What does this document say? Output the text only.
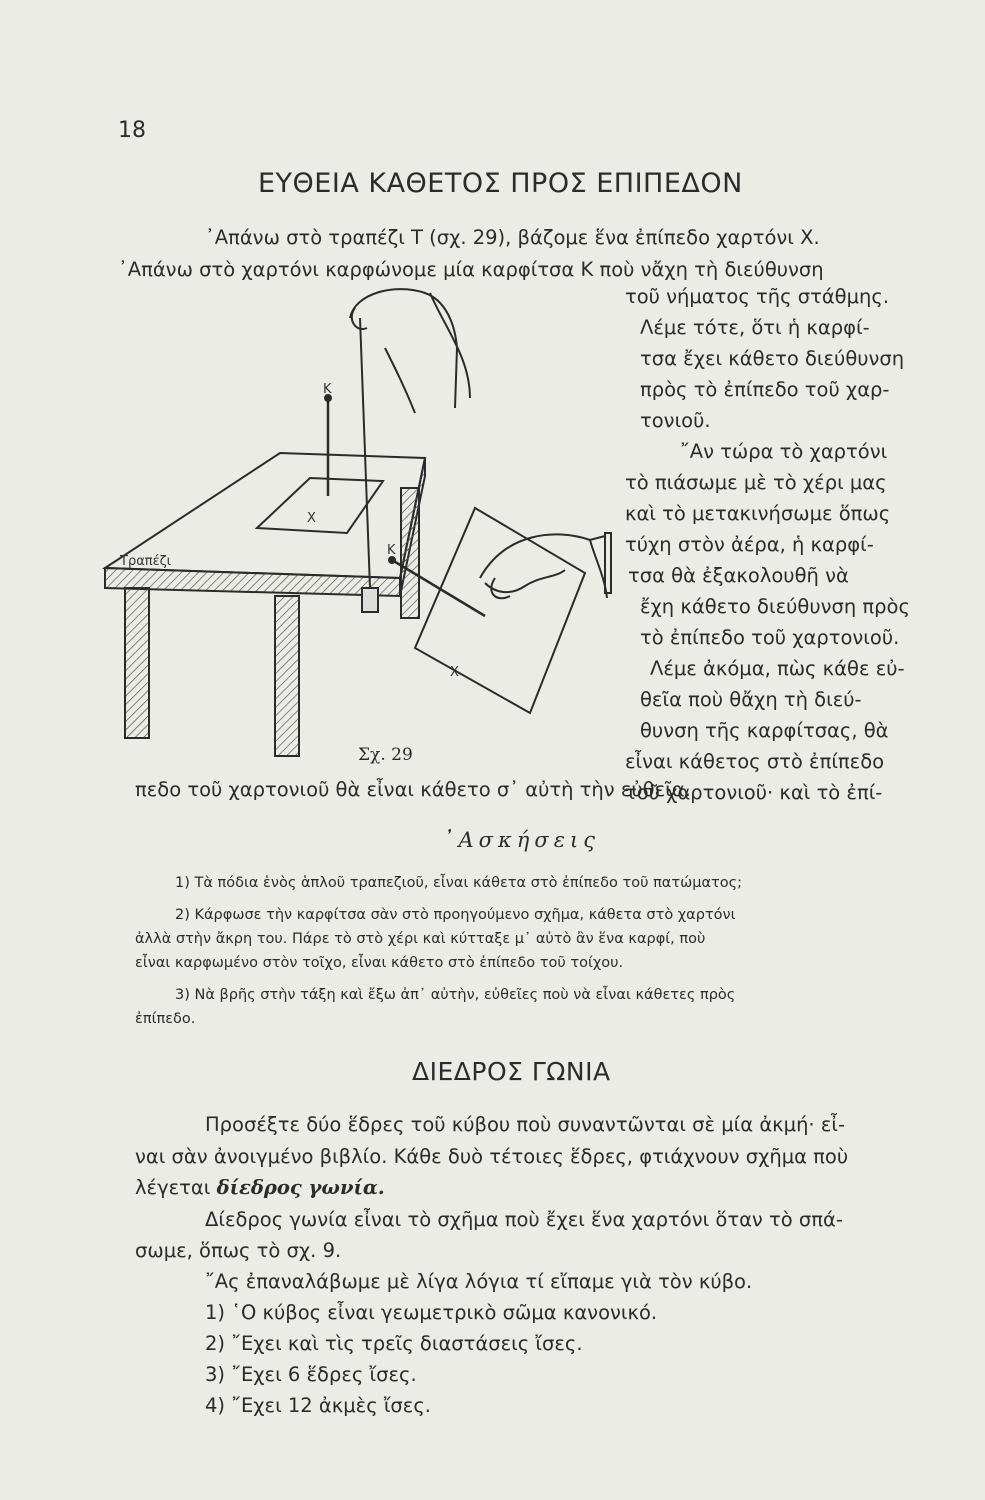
18

ΕΥΘΕΙΑ ΚΑΘΕΤΟΣ ΠΡΟΣ ΕΠΙΠΕΔΟΝ

᾿Απάνω στὸ τραπέζι Τ (σχ. 29), βάζομε ἕνα ἐπίπεδο χαρτόνι Χ.

᾿Απάνω στὸ χαρτόνι καρφώνομε μία καρφίτσα Κ ποὺ νἄχη τὴ διεύθυνση

τοῦ νήματος τῆς στάθμης.

Λέμε τότε, ὅτι ἡ καρφί-

τσα ἔχει κάθετο διεύθυνση

πρὸς τὸ ἐπίπεδο τοῦ χαρ-

τονιοῦ.

῎Αν τώρα τὸ χαρτόνι

τὸ πιάσωμε μὲ τὸ χέρι μας

καὶ τὸ μετακινήσωμε ὅπως

τύχη στὸν ἀέρα, ἡ καρφί-

τσα θὰ ἐξακολουθῆ νὰ

ἔχη κάθετο διεύθυνση πρὸς

τὸ ἐπίπεδο τοῦ χαρτονιοῦ.

Λέμε ἀκόμα, πὼς κάθε εὐ-

θεῖα ποὺ θἄχη τὴ διεύ-

θυνση τῆς καρφίτσας, θὰ

εἶναι κάθετος στὸ ἐπίπεδο

τοῦ χαρτονιοῦ· καὶ τὸ ἐπί-

Τραπέζι
Κ
Χ
Κ
Χ

Σχ. 29

πεδο τοῦ χαρτονιοῦ θὰ εἶναι κάθετο σ᾿ αὐτὴ τὴν εὐθεῖα.

᾿Ασκήσεις

1) Τὰ πόδια ἑνὸς ἁπλοῦ τραπεζιοῦ, εἶναι κάθετα στὸ ἐπίπεδο τοῦ πατώματος;

2) Κάρφωσε τὴν καρφίτσα σὰν στὸ προηγούμενο σχῆμα, κάθετα στὸ χαρτόνι

ἀλλὰ στὴν ἄκρη του. Πάρε τὸ στὸ χέρι καὶ κύτταξε μ᾿ αὐτὸ ἂν ἕνα καρφί, ποὺ

εἶναι καρφωμένο στὸν τοῖχο, εἶναι κάθετο στὸ ἐπίπεδο τοῦ τοίχου.

3) Νὰ βρῆς στὴν τάξη καὶ ἔξω ἀπ᾿ αὐτὴν, εὐθεῖες ποὺ νὰ εἶναι κάθετες πρὸς

ἐπίπεδο.

ΔΙΕΔΡΟΣ ΓΩΝΙΑ

Προσέξτε δύο ἕδρες τοῦ κύβου ποὺ συναντῶνται σὲ μία ἀκμή· εἶ-

ναι σὰν ἀνοιγμένο βιβλίο. Κάθε δυὸ τέτοιες ἕδρες, φτιάχνουν σχῆμα ποὺ

λέγεται δίεδρος γωνία.

Δίεδρος γωνία εἶναι τὸ σχῆμα ποὺ ἔχει ἕνα χαρτόνι ὅταν τὸ σπά-

σωμε, ὅπως τὸ σχ. 9.

῎Ας ἐπαναλάβωμε μὲ λίγα λόγια τί εἴπαμε γιὰ τὸν κύβο.

1) ῾Ο κύβος εἶναι γεωμετρικὸ σῶμα κανονικό.

2) ῎Εχει καὶ τὶς τρεῖς διαστάσεις ἴσες.

3) ῎Εχει 6 ἕδρες ἴσες.

4) ῎Εχει 12 ἀκμὲς ἴσες.
